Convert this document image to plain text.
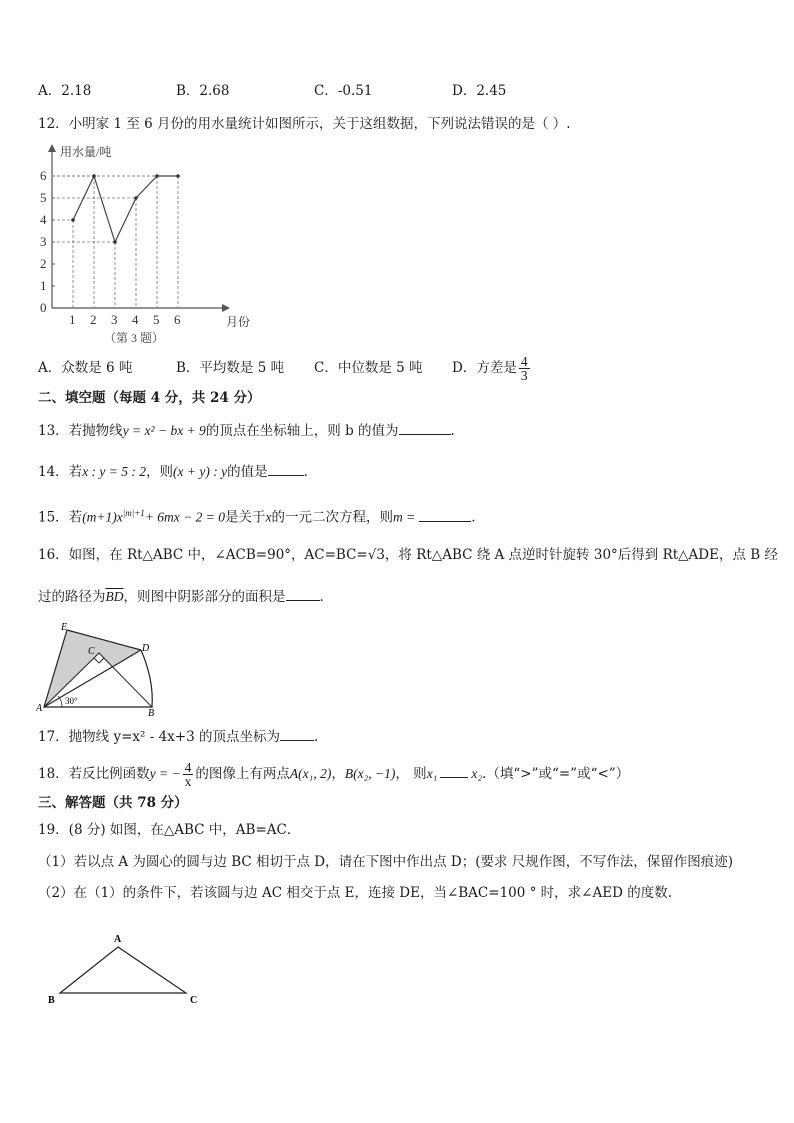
A．2.18	B．2.68	C．-0.51	D．2.45
12．小明家 1 至 6 月份的用水量统计如图所示，关于这组数据，下列说法错误的是（ ）.
0
1
2
3
4
5
6
1 2 3 4 5 6
用水量/吨
月份
（第 3 题）
A．众数是 6 吨	B．平均数是 5 吨 C．中位数是 5 吨 D．方差是 $\frac{4}{3}$
二、填空题（每题 4 分，共 24 分）
13．若抛物线y = x² − bx + 9的顶点在坐标轴上，则 b 的值为	.
14．若x : y = 5 : 2，则(x + y) : y的值是	.
15．若$(m+1)x^{|m|+1}+ 6mx - 2 = 0$是关于x的一元二次方程，则m =	.
16．如图，在 Rt△ABC 中，∠ACB=90°，AC=BC=√3，将 Rt△ABC 绕 A 点逆时针旋转 30°后得到 Rt△ADE，点 B 经
过的路径为$\overline{BD}$，则图中阴影部分的面积是	.
E
C	D
A	B
30°
17．抛物线 y=x² - 4x+3 的顶点坐标为	.
18．若反比例函数y = − $\frac{4}{x}$ 的图像上有两点A(x₁, 2)，B(x₂, −1)， 则x₁	x₂.（填“>”或“=”或“<”）
三、解答题（共 78 分）
19．(8 分) 如图，在△ABC 中，AB=AC．
（1）若以点 A 为圆心的圆与边 BC 相切于点 D，请在下图中作出点 D；(要求 尺规作图，不写作法，保留作图痕迹)
（2）在（1）的条件下，若该圆与边 AC 相交于点 E，连接 DE，当∠BAC=100 ° 时，求∠AED 的度数.
A
B	C
